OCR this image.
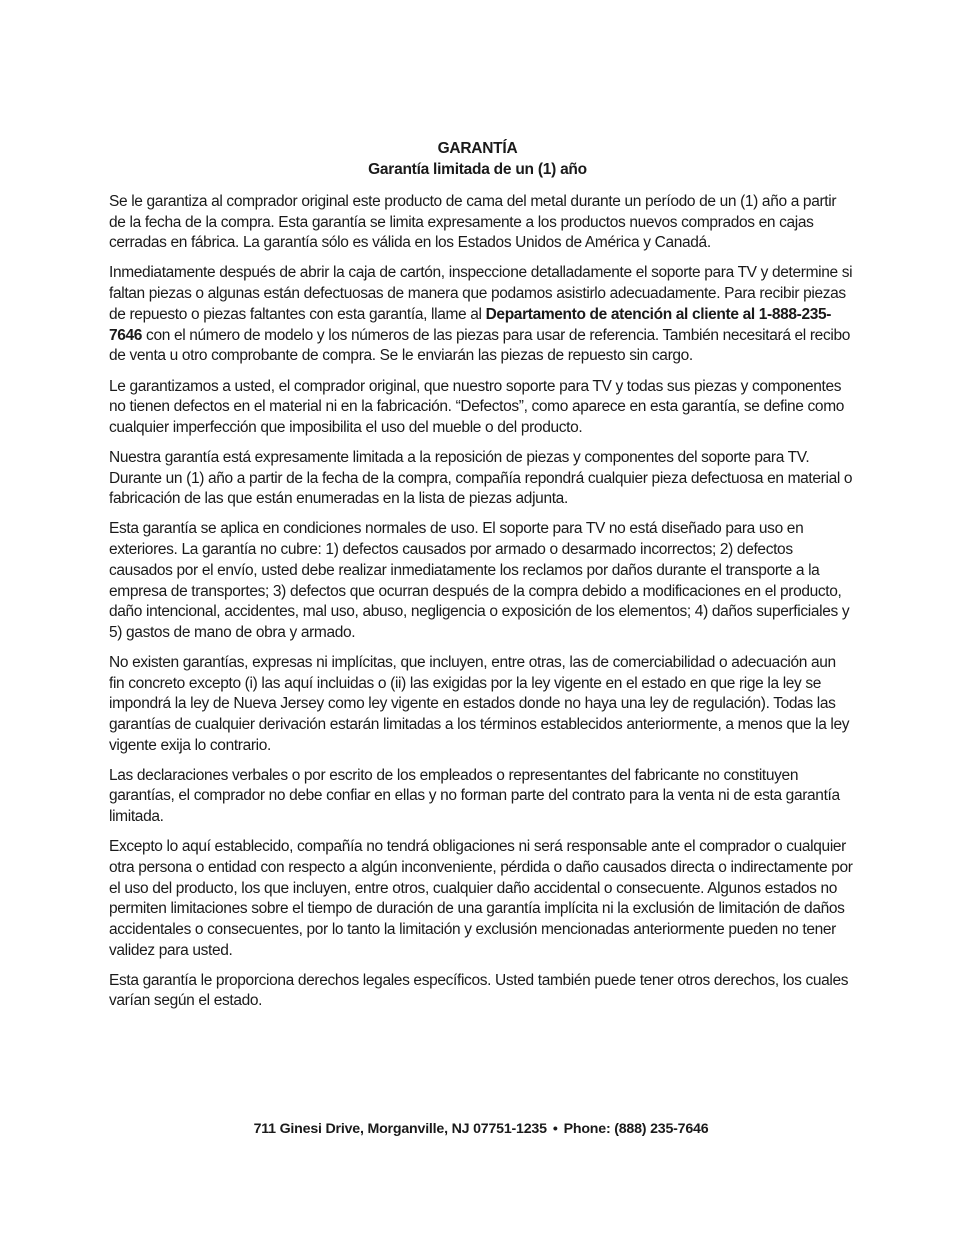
GARANTÍA
Garantía limitada de un (1) año

Se le garantiza al comprador original este producto de cama del metal durante un período de un (1) año a partir de la fecha de la compra. Esta garantía se limita expresamente a los productos nuevos comprados en cajas cerradas en fábrica. La garantía sólo es válida en los Estados Unidos de América y Canadá.

Inmediatamente después de abrir la caja de cartón, inspeccione detalladamente el soporte para TV y determine si faltan piezas o algunas están defectuosas de manera que podamos asistirlo adecuadamente. Para recibir piezas de repuesto o piezas faltantes con esta garantía, llame al Departamento de atención al cliente al 1-888-235-7646 con el número de modelo y los números de las piezas para usar de referencia. También necesitará el recibo de venta u otro comprobante de compra. Se le enviarán las piezas de repuesto sin cargo.

Le garantizamos a usted, el comprador original, que nuestro soporte para TV y todas sus piezas y componentes no tienen defectos en el material ni en la fabricación. “Defectos”, como aparece en esta garantía, se define como cualquier imperfección que imposibilita el uso del mueble o del producto.

Nuestra garantía está expresamente limitada a la reposición de piezas y componentes del soporte para TV. Durante un (1) año a partir de la fecha de la compra, compañía repondrá cualquier pieza defectuosa en material o fabricación de las que están enumeradas en la lista de piezas adjunta.

Esta garantía se aplica en condiciones normales de uso. El soporte para TV no está diseñado para uso en exteriores. La garantía no cubre: 1) defectos causados por armado o desarmado incorrectos; 2) defectos causados por el envío, usted debe realizar inmediatamente los reclamos por daños durante el transporte a la empresa de transportes; 3) defectos que ocurran después de la compra debido a modificaciones en el producto, daño intencional, accidentes, mal uso, abuso, negligencia o exposición de los elementos; 4) daños superficiales y 5) gastos de mano de obra y armado.

No existen garantías, expresas ni implícitas, que incluyen, entre otras, las de comerciabilidad o adecuación aun fin concreto excepto (i) las aquí incluidas o (ii) las exigidas por la ley vigente en el estado en que rige la ley se impondrá la ley de Nueva Jersey como ley vigente en estados donde no haya una ley de regulación). Todas las garantías de cualquier derivación estarán limitadas a los términos establecidos anteriormente, a menos que la ley vigente exija lo contrario.

Las declaraciones verbales o por escrito de los empleados o representantes del fabricante no constituyen garantías, el comprador no debe confiar en ellas y no forman parte del contrato para la venta ni de esta garantía limitada.

Excepto lo aquí establecido, compañía no tendrá obligaciones ni será responsable ante el comprador o cualquier otra persona o entidad con respecto a algún inconveniente, pérdida o daño causados directa o indirectamente por el uso del producto, los que incluyen, entre otros, cualquier daño accidental o consecuente. Algunos estados no permiten limitaciones sobre el tiempo de duración de una garantía implícita ni la exclusión de limitación de daños accidentales o consecuentes, por lo tanto la limitación y exclusión mencionadas anteriormente pueden no tener validez para usted.

Esta garantía le proporciona derechos legales específicos. Usted también puede tener otros derechos, los cuales varían según el estado.

711 Ginesi Drive, Morganville, NJ 07751-1235 • Phone: (888) 235-7646
